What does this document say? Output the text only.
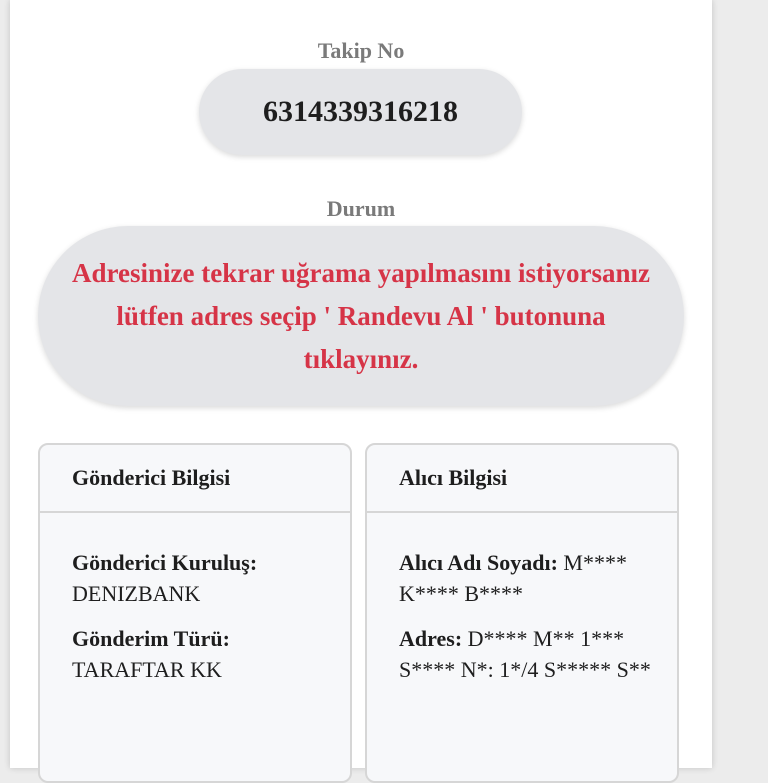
Takip No
6314339316218
Durum
Adresinize tekrar uğrama yapılmasını istiyorsanız lütfen adres seçip ' Randevu Al ' butonuna tıklayınız.
Gönderici Bilgisi
Gönderici Kuruluş:
DENIZBANK
Gönderim Türü:
TARAFTAR KK
Alıcı Bilgisi
Alıcı Adı Soyadı: M**** K**** B****
Adres: D**** M** 1*** S**** N*: 1*/4 S***** S**
